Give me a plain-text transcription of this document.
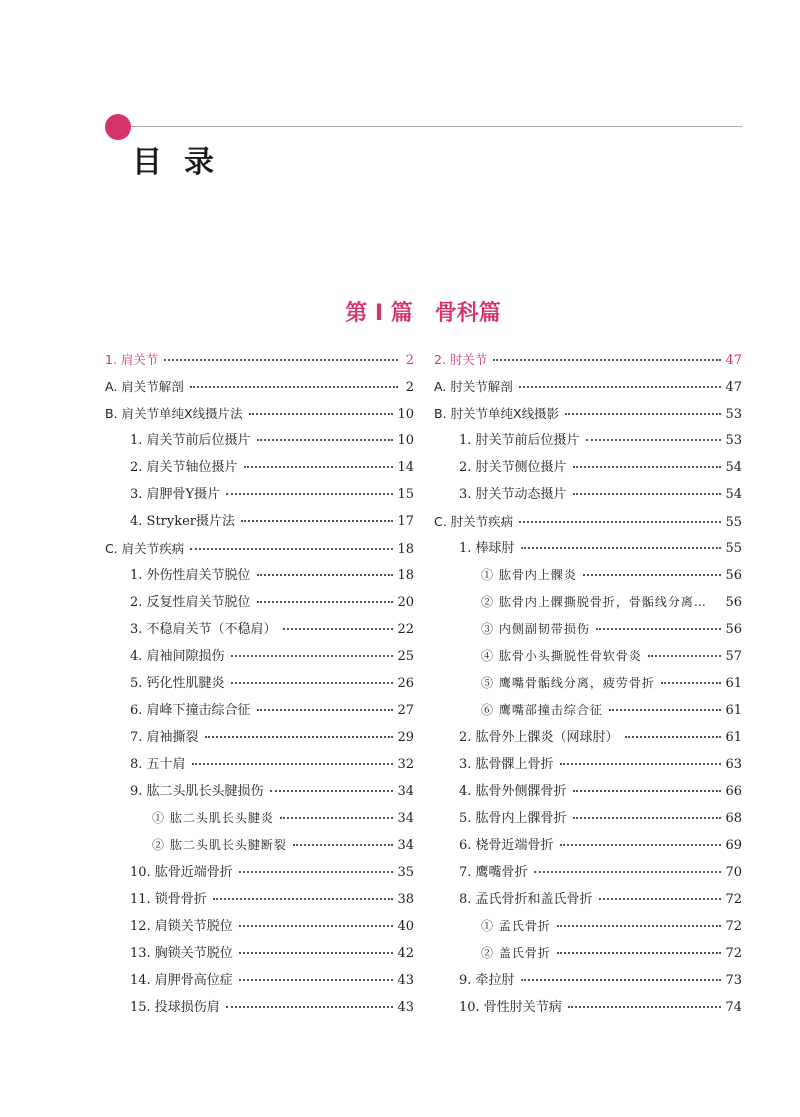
目录
第 I 篇　骨科篇
1. 肩关节	2
A. 肩关节解剖	2
B. 肩关节单纯X线摄片法	10
1. 肩关节前后位摄片	10
2. 肩关节轴位摄片	14
3. 肩胛骨Y摄片	15
4. Stryker摄片法	17
C. 肩关节疾病	18
1. 外伤性肩关节脱位	18
2. 反复性肩关节脱位	20
3. 不稳肩关节（不稳肩）	22
4. 肩袖间隙损伤	25
5. 钙化性肌腱炎	26
6. 肩峰下撞击综合征	27
7. 肩袖撕裂	29
8. 五十肩	32
9. 肱二头肌长头腱损伤	34
① 肱二头肌长头腱炎	34
② 肱二头肌长头腱断裂	34
10. 肱骨近端骨折	35
11. 锁骨骨折	38
12. 肩锁关节脱位	40
13. 胸锁关节脱位	42
14. 肩胛骨高位症	43
15. 投球损伤肩	43
2. 肘关节	47
A. 肘关节解剖	47
B. 肘关节单纯X线摄影	53
1. 肘关节前后位摄片	53
2. 肘关节侧位摄片	54
3. 肘关节动态摄片	54
C. 肘关节疾病	55
1. 棒球肘	55
① 肱骨内上髁炎	56
② 肱骨内上髁撕脱骨折，骨骺线分离…	56
③ 内侧副韧带损伤	56
④ 肱骨小头撕脱性骨软骨炎	57
⑤ 鹰嘴骨骺线分离，疲劳骨折	61
⑥ 鹰嘴部撞击综合征	61
2. 肱骨外上髁炎（网球肘）	61
3. 肱骨髁上骨折	63
4. 肱骨外侧髁骨折	66
5. 肱骨内上髁骨折	68
6. 桡骨近端骨折	69
7. 鹰嘴骨折	70
8. 孟氏骨折和盖氏骨折	72
① 孟氏骨折	72
② 盖氏骨折	72
9. 牵拉肘	73
10. 骨性肘关节病	74
